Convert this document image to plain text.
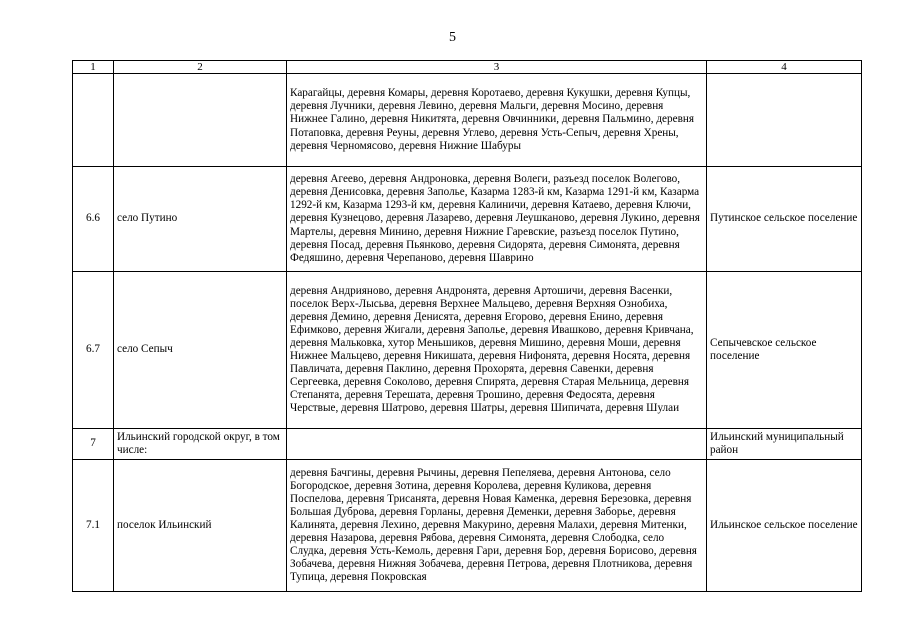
5
1	2	3	4
		Карагайцы, деревня Комары, деревня Коротаево, деревня Кукушки, деревня Купцы, деревня Лучники, деревня Левино, деревня Мальги, деревня Мосино, деревня Нижнее Галино, деревня Никитята, деревня Овчинники, деревня Пальмино, деревня Потаповка, деревня Реуны, деревня Углево, деревня Усть-Сепыч, деревня Хрены, деревня Черномясово, деревня Нижние Шабуры	
6.6	село Путино	деревня Агеево, деревня Андроновка, деревня Волеги, разъезд поселок Волегово, деревня Денисовка, деревня Заполье, Казарма 1283-й км, Казарма 1291-й км, Казарма 1292-й км, Казарма 1293-й км, деревня Калиничи, деревня Катаево, деревня Ключи, деревня Кузнецово, деревня Лазарево, деревня Леушканово, деревня Лукино, деревня Мартелы, деревня Минино, деревня Нижние Гаревские, разъезд поселок Путино, деревня Посад, деревня Пьянково, деревня Сидорята, деревня Симонята, деревня Федяшино, деревня Черепаново, деревня Шаврино	Путинское сельское поселение
6.7	село Сепыч	деревня Андрияново, деревня Андронята, деревня Артошичи, деревня Васенки, поселок Верх-Лысьва, деревня Верхнее Мальцево, деревня Верхняя Ознобиха, деревня Демино, деревня Денисята, деревня Егорово, деревня Енино, деревня Ефимково, деревня Жигали, деревня Заполье, деревня Ивашково, деревня Кривчана, деревня Мальковка, хутор Меньшиков, деревня Мишино, деревня Моши, деревня Нижнее Мальцево, деревня Никишата, деревня Нифонята, деревня Носята, деревня Павличата, деревня Паклино, деревня Прохорята, деревня Савенки, деревня Сергеевка, деревня Соколово, деревня Спирята, деревня Старая Мельница, деревня Степанята, деревня Терешата, деревня Трошино, деревня Федосята, деревня Черствые, деревня Шатрово, деревня Шатры, деревня Шипичата, деревня Шулаи	Сепычевское сельское поселение
7	Ильинский городской округ, в том числе:		Ильинский муниципальный район
7.1	поселок Ильинский	деревня Бачгины, деревня Рычины, деревня Пепеляева, деревня Антонова, село Богородское, деревня Зотина, деревня Королева, деревня Куликова, деревня Поспелова, деревня Трисанята, деревня Новая Каменка, деревня Березовка, деревня Большая Дуброва, деревня Горланы, деревня Деменки, деревня Заборье, деревня Калинята, деревня Лехино, деревня Макурино, деревня Малахи, деревня Митенки, деревня Назарова, деревня Рябова, деревня Симонята, деревня Слободка, село Слудка, деревня Усть-Кемоль, деревня Гари, деревня Бор, деревня Борисово, деревня Зобачева, деревня Нижняя Зобачева, деревня Петрова, деревня Плотникова, деревня Тупица, деревня Покровская	Ильинское сельское поселение
